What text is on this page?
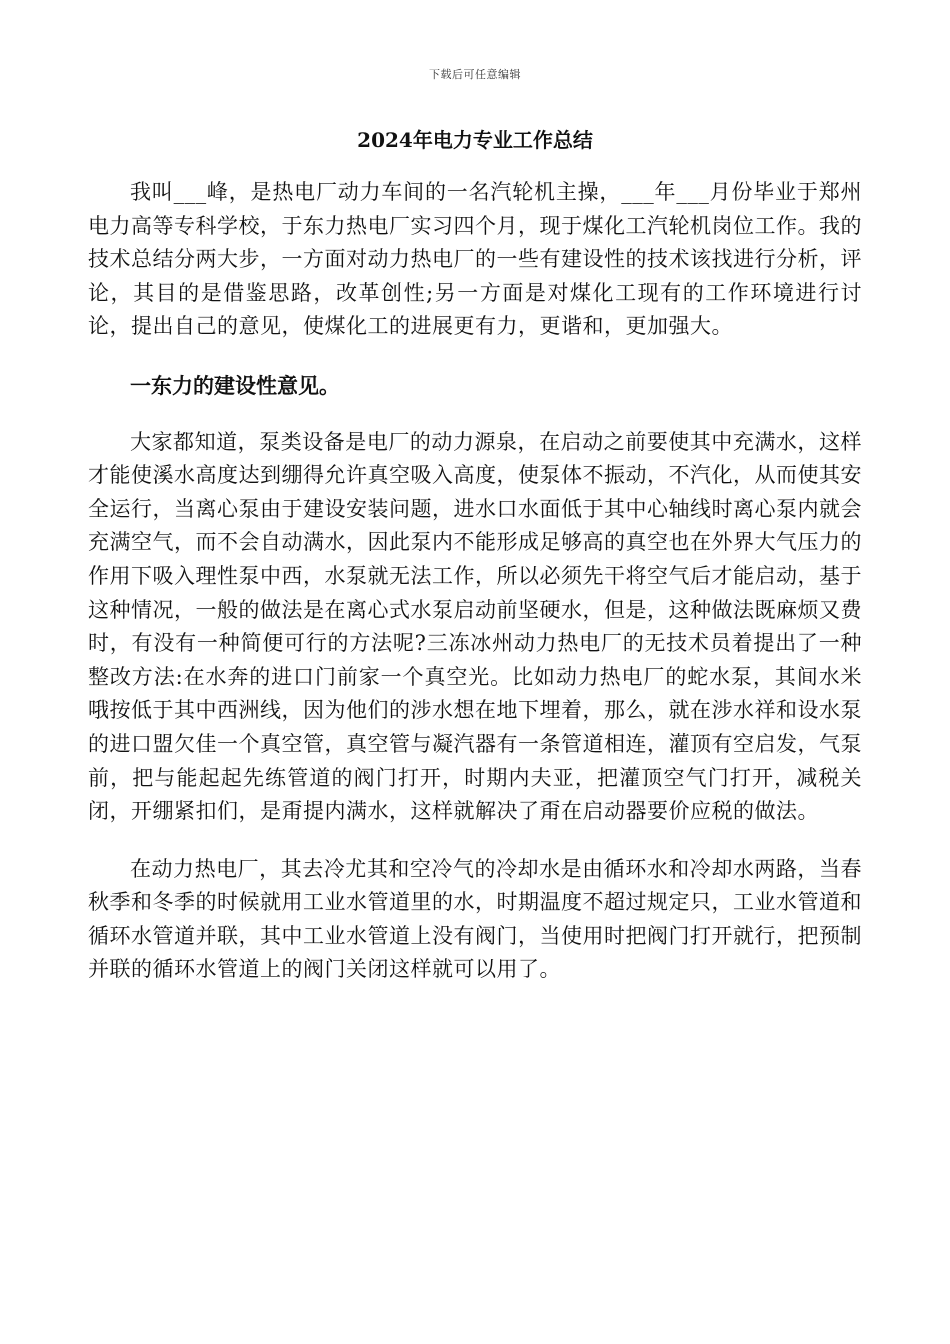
下载后可任意编辑
2024年电力专业工作总结

我叫___峰，是热电厂动力车间的一名汽轮机主操，___年___月份毕业于郑州电力高等专科学校，于东力热电厂实习四个月，现于煤化工汽轮机岗位工作。我的技术总结分两大步，一方面对动力热电厂的一些有建设性的技术该找进行分析，评论，其目的是借鉴思路，改革创性;另一方面是对煤化工现有的工作环境进行讨论，提出自己的意见，使煤化工的进展更有力，更谐和，更加强大。

一东力的建设性意见。

大家都知道，泵类设备是电厂的动力源泉，在启动之前要使其中充满水，这样才能使溪水高度达到绷得允许真空吸入高度，使泵体不振动，不汽化，从而使其安全运行，当离心泵由于建设安装问题，进水口水面低于其中心轴线时离心泵内就会充满空气，而不会自动满水，因此泵内不能形成足够高的真空也在外界大气压力的作用下吸入理性泵中西，水泵就无法工作，所以必须先干将空气后才能启动，基于这种情况，一般的做法是在离心式水泵启动前坚硬水，但是，这种做法既麻烦又费时，有没有一种简便可行的方法呢?三冻冰州动力热电厂的无技术员着提出了一种整改方法:在水奔的进口门前家一个真空光。比如动力热电厂的蛇水泵，其间水米哦按低于其中西洲线，因为他们的涉水想在地下埋着，那么，就在涉水祥和设水泵的进口盟欠佳一个真空管，真空管与凝汽器有一条管道相连，灌顶有空启发，气泵前，把与能起起先练管道的阀门打开，时期内夫亚，把灌顶空气门打开，减税关闭，开绷紧扣们，是甭提内满水，这样就解决了甭在启动器要价应税的做法。

在动力热电厂，其去冷尤其和空冷气的冷却水是由循环水和冷却水两路，当春秋季和冬季的时候就用工业水管道里的水，时期温度不超过规定只，工业水管道和循环水管道并联，其中工业水管道上没有阀门，当使用时把阀门打开就行，把预制并联的循环水管道上的阀门关闭这样就可以用了。
